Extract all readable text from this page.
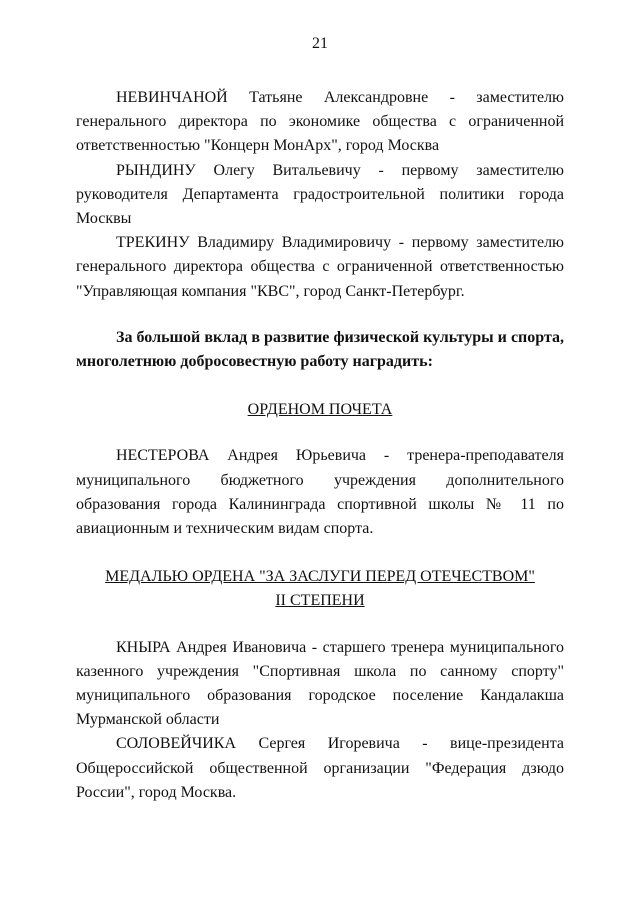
21

НЕВИНЧАНОЙ Татьяне Александровне - заместителю генерального директора по экономике общества с ограниченной ответственностью "Концерн МонАрх", город Москва

РЫНДИНУ Олегу Витальевичу - первому заместителю руководителя Департамента градостроительной политики города Москвы

ТРЕКИНУ Владимиру Владимировичу - первому заместителю генерального директора общества с ограниченной ответственностью "Управляющая компания "КВС", город Санкт-Петербург.

За большой вклад в развитие физической культуры и спорта, многолетнюю добросовестную работу наградить:

ОРДЕНОМ ПОЧЕТА

НЕСТЕРОВА Андрея Юрьевича - тренера-преподавателя муниципального бюджетного учреждения дополнительного образования города Калининграда спортивной школы № 11 по авиационным и техническим видам спорта.

МЕДАЛЬЮ ОРДЕНА "ЗА ЗАСЛУГИ ПЕРЕД ОТЕЧЕСТВОМ"

II СТЕПЕНИ

КНЫРА Андрея Ивановича - старшего тренера муниципального казенного учреждения "Спортивная школа по санному спорту" муниципального образования городское поселение Кандалакша Мурманской области

СОЛОВЕЙЧИКА Сергея Игоревича - вице-президента Общероссийской общественной организации "Федерация дзюдо России", город Москва.
